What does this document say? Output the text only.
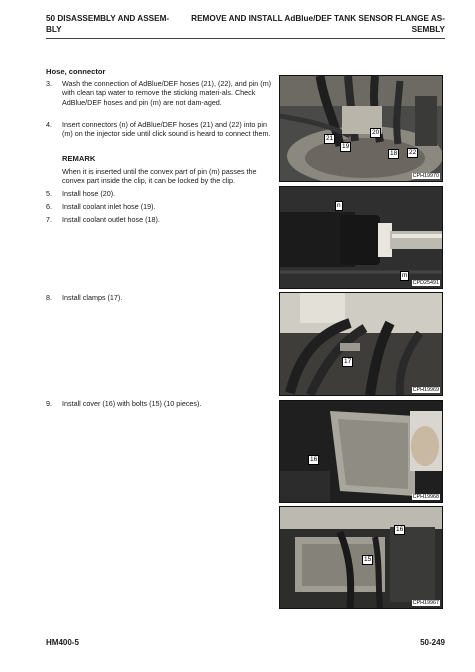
50 DISASSEMBLY AND ASSEM-BLY
REMOVE AND INSTALL AdBlue/DEF TANK SENSOR FLANGE AS-SEMBLY
Hose, connector
3. Wash the connection of AdBlue/DEF hoses (21), (22), and pin (m) with clean tap water to remove the sticking materi-als. Check AdBlue/DEF hoses and pin (m) are not dam-aged.
4. Insert connectors (n) of AdBlue/DEF hoses (21) and (22) into pin (m) on the injector side until click sound is heard to connect them.
REMARK
When it is inserted until the convex part of pin (m) passes the convex part inside the clip, it can be locked by the clip.
5. Install hose (20).
6. Install coolant inlet hose (19).
7. Install coolant outlet hose (18).
8. Install clamps (17).
9. Install cover (16) with bolts (15) (10 pieces).
CPH19970
21
19
20
18	22
CPD25491
n
m
CPH19969
17
CPH19968
16
CPH19967
16
15
HM400-5	50-249
